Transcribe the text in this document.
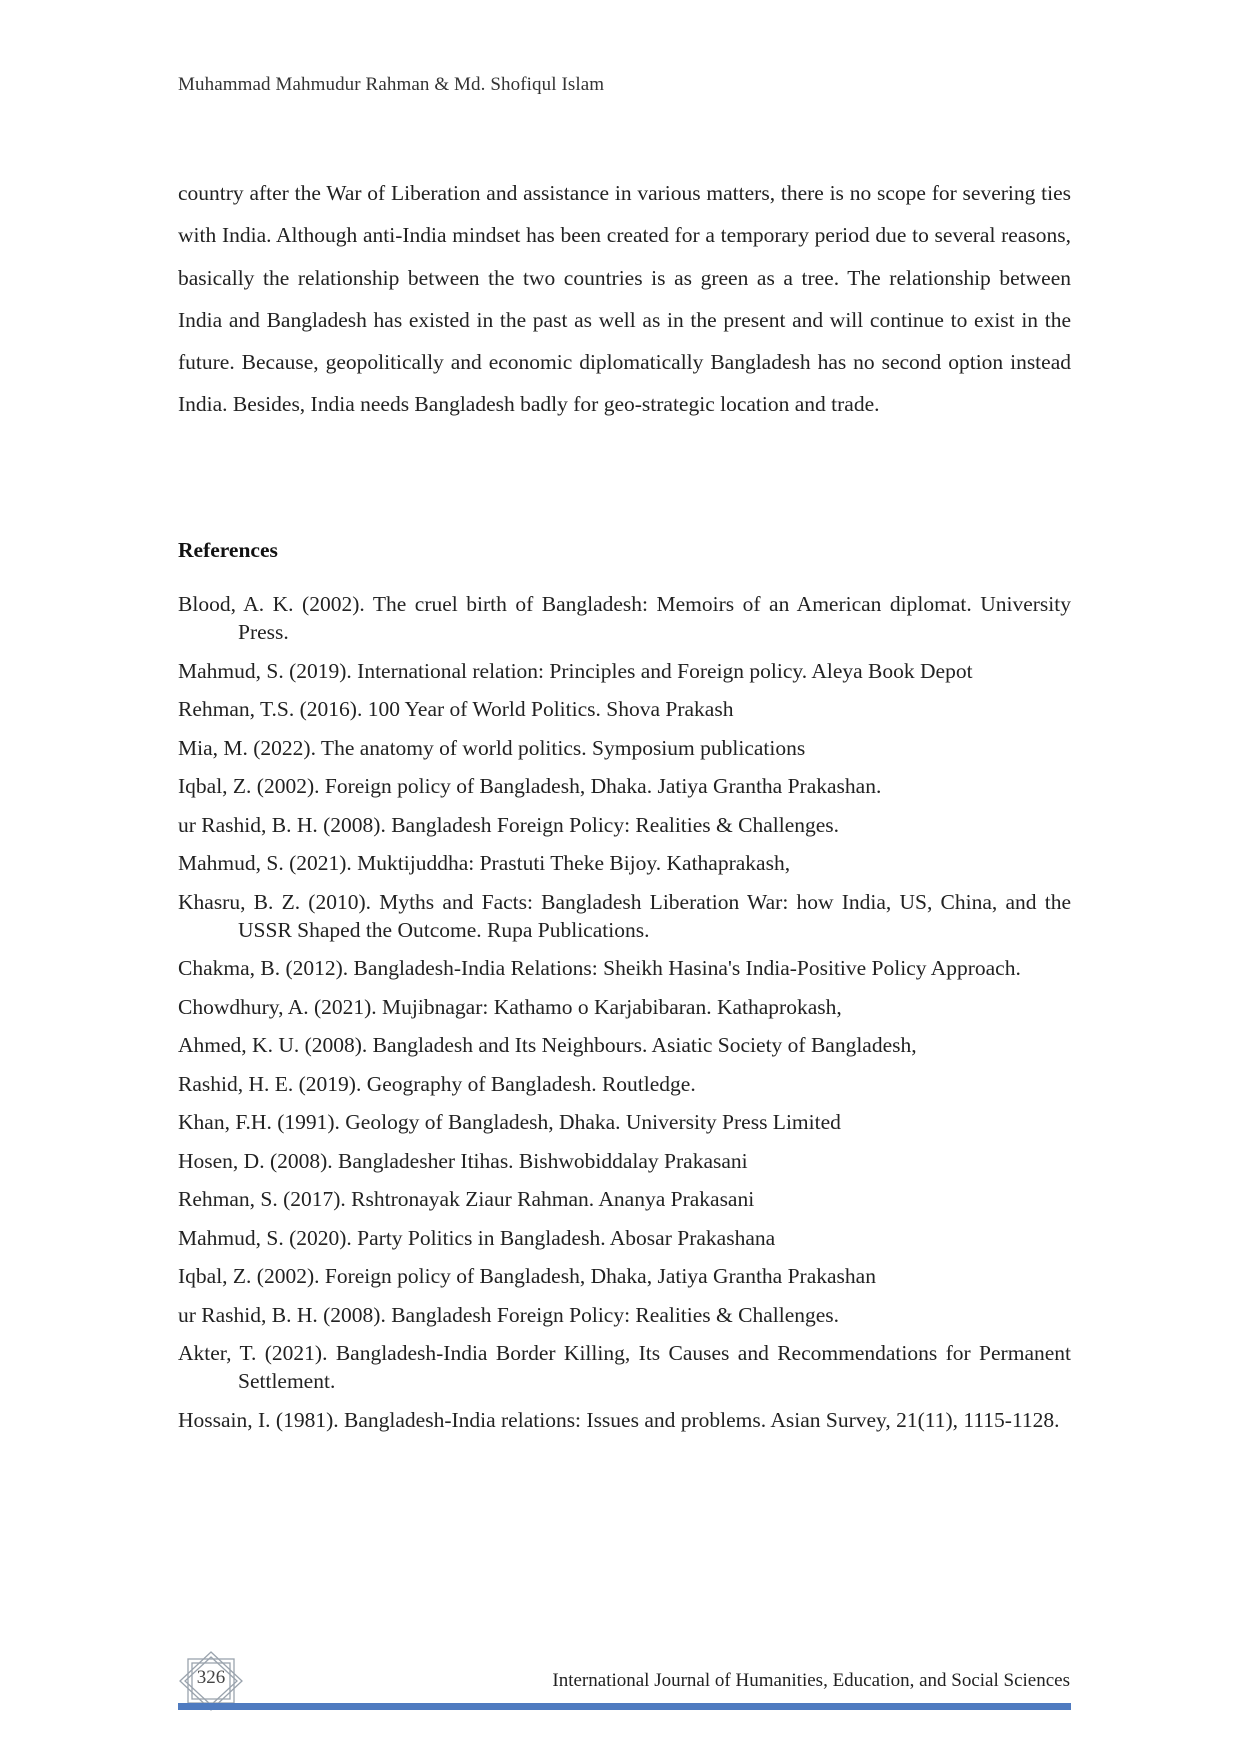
Muhammad Mahmudur Rahman & Md. Shofiqul Islam

country after the War of Liberation and assistance in various matters, there is no scope for severing ties with India. Although anti-India mindset has been created for a temporary period due to several reasons, basically the relationship between the two countries is as green as a tree. The relationship between India and Bangladesh has existed in the past as well as in the present and will continue to exist in the future. Because, geopolitically and economic diplomatically Bangladesh has no second option instead India. Besides, India needs Bangladesh badly for geo-strategic location and trade.

References
Blood, A. K. (2002). The cruel birth of Bangladesh: Memoirs of an American diplomat. University Press.
Mahmud, S. (2019). International relation: Principles and Foreign policy. Aleya Book Depot
Rehman, T.S. (2016). 100 Year of World Politics. Shova Prakash
Mia, M. (2022). The anatomy of world politics. Symposium publications
Iqbal, Z. (2002). Foreign policy of Bangladesh, Dhaka. Jatiya Grantha Prakashan.
ur Rashid, B. H. (2008). Bangladesh Foreign Policy: Realities & Challenges.
Mahmud, S. (2021). Muktijuddha: Prastuti Theke Bijoy. Kathaprakash,
Khasru, B. Z. (2010). Myths and Facts: Bangladesh Liberation War: how India, US, China, and the USSR Shaped the Outcome. Rupa Publications.
Chakma, B. (2012). Bangladesh-India Relations: Sheikh Hasina's India-Positive Policy Approach.
Chowdhury, A. (2021). Mujibnagar: Kathamo o Karjabibaran. Kathaprokash,
Ahmed, K. U. (2008). Bangladesh and Its Neighbours. Asiatic Society of Bangladesh,
Rashid, H. E. (2019). Geography of Bangladesh. Routledge.
Khan, F.H. (1991). Geology of Bangladesh, Dhaka. University Press Limited
Hosen, D. (2008). Bangladesher Itihas. Bishwobiddalay Prakasani
Rehman, S. (2017). Rshtronayak Ziaur Rahman. Ananya Prakasani
Mahmud, S. (2020). Party Politics in Bangladesh. Abosar Prakashana
Iqbal, Z. (2002). Foreign policy of Bangladesh, Dhaka, Jatiya Grantha Prakashan
ur Rashid, B. H. (2008). Bangladesh Foreign Policy: Realities & Challenges.
Akter, T. (2021). Bangladesh-India Border Killing, Its Causes and Recommendations for Permanent Settlement.
Hossain, I. (1981). Bangladesh-India relations: Issues and problems. Asian Survey, 21(11), 1115-1128.
326	International Journal of Humanities, Education, and Social Sciences
